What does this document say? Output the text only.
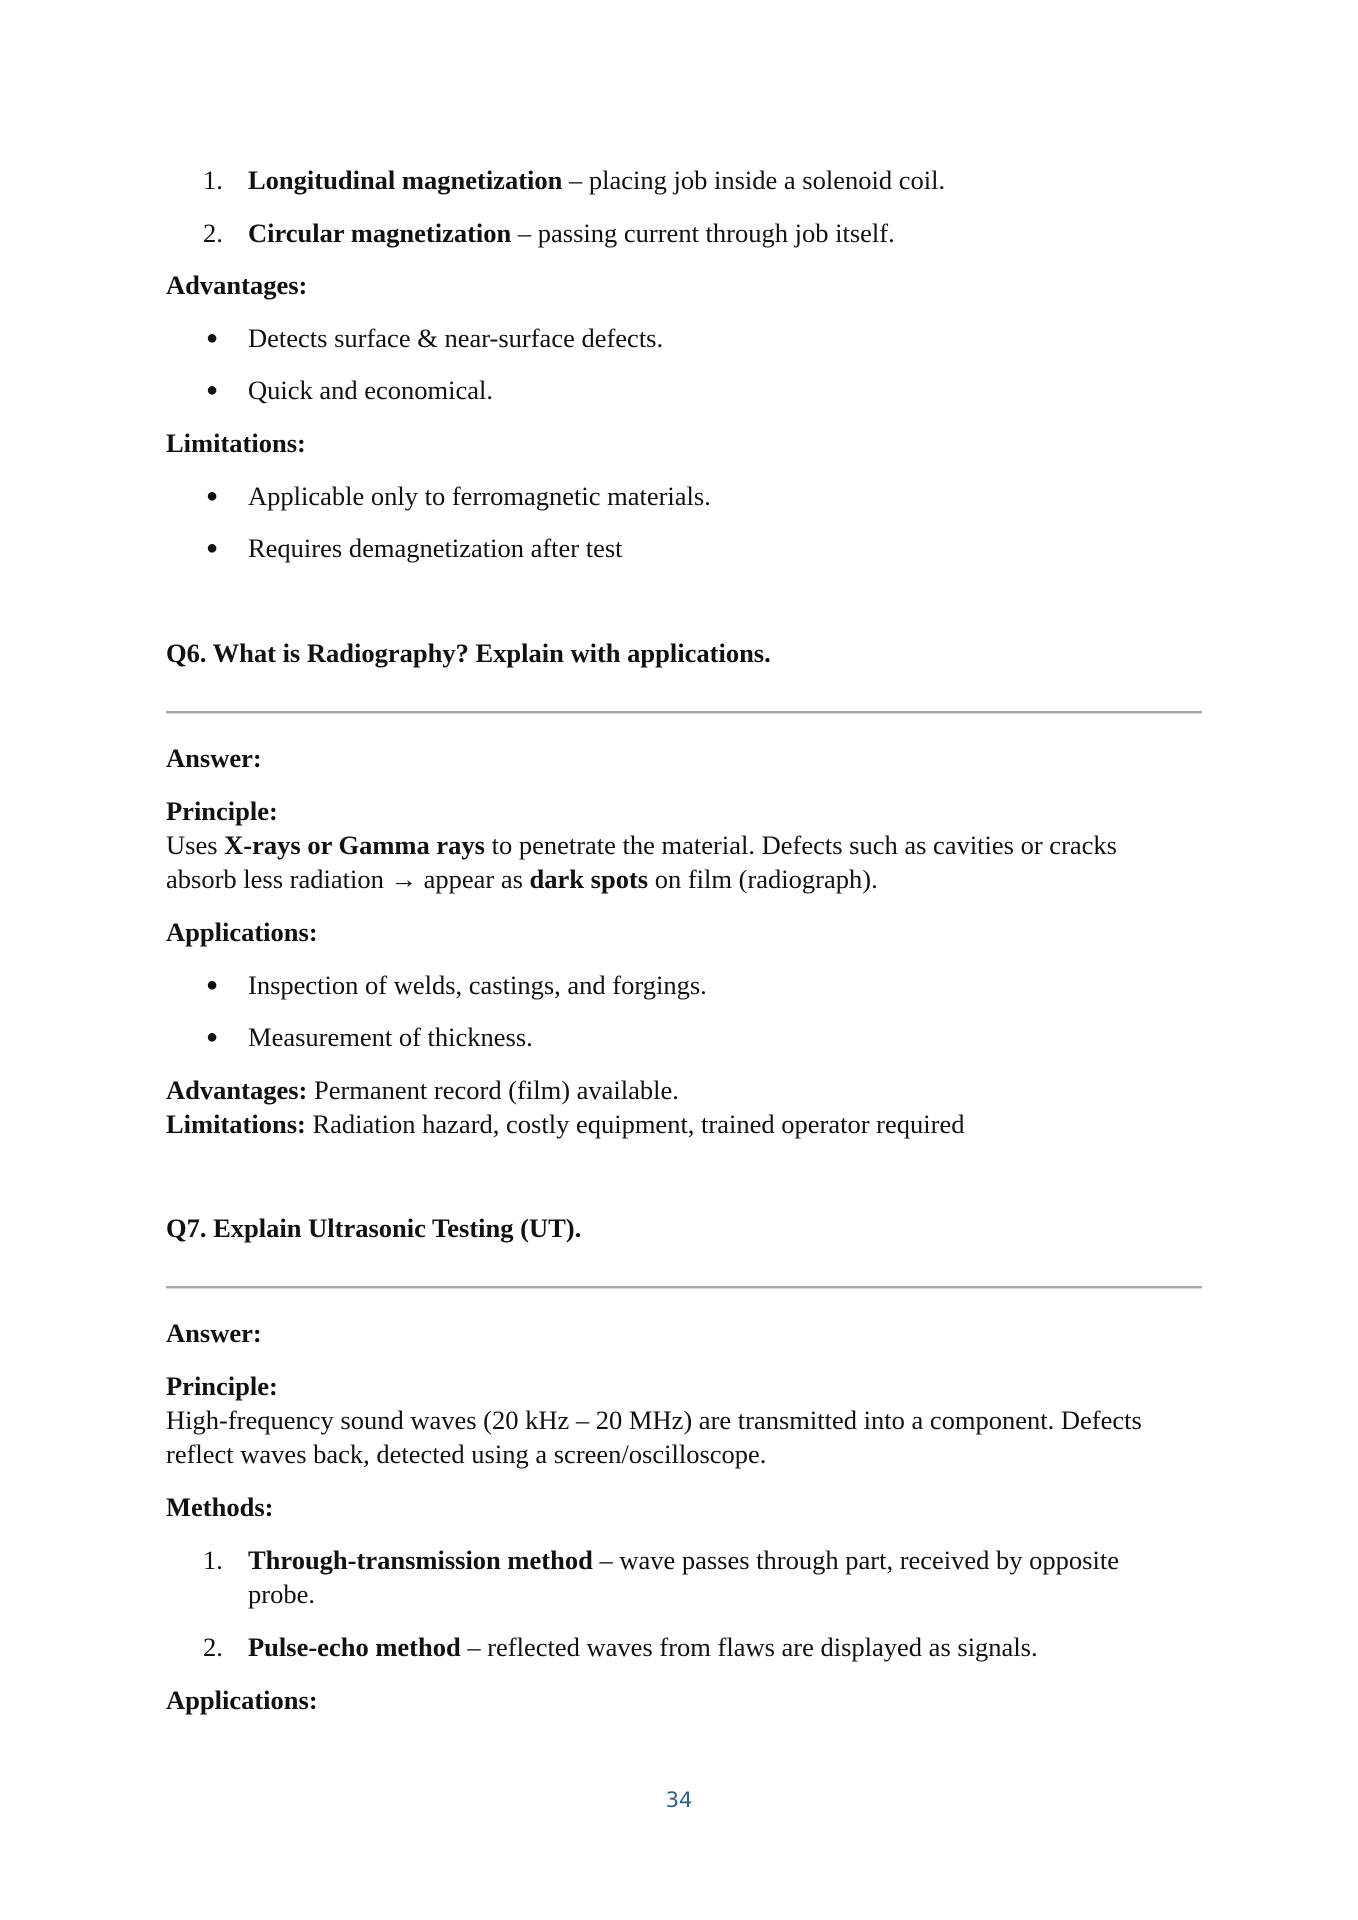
1. Longitudinal magnetization – placing job inside a solenoid coil.
2. Circular magnetization – passing current through job itself.
Advantages:
● Detects surface & near-surface defects.
● Quick and economical.
Limitations:
● Applicable only to ferromagnetic materials.
● Requires demagnetization after test
Q6. What is Radiography? Explain with applications.
Answer:
Principle:
Uses X-rays or Gamma rays to penetrate the material. Defects such as cavities or cracks
absorb less radiation → appear as dark spots on film (radiograph).
Applications:
● Inspection of welds, castings, and forgings.
● Measurement of thickness.
Advantages: Permanent record (film) available.
Limitations: Radiation hazard, costly equipment, trained operator required
Q7. Explain Ultrasonic Testing (UT).
Answer:
Principle:
High-frequency sound waves (20 kHz – 20 MHz) are transmitted into a component. Defects
reflect waves back, detected using a screen/oscilloscope.
Methods:
1. Through-transmission method – wave passes through part, received by opposite
probe.
2. Pulse-echo method – reflected waves from flaws are displayed as signals.
Applications:
34
